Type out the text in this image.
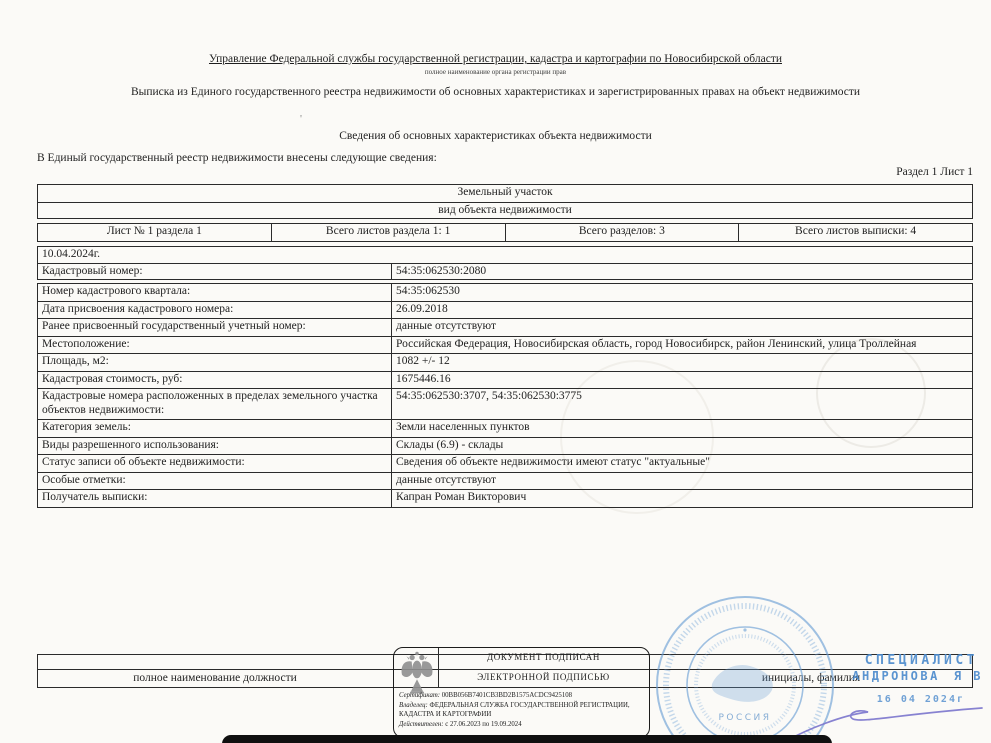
Управление Федеральной службы государственной регистрации, кадастра и картографии по Новосибирской области
полное наименование органа регистрации прав
Выписка из Единого государственного реестра недвижимости об основных характеристиках и зарегистрированных правах на объект недвижимости
'
Сведения об основных характеристиках объекта недвижимости
В Единый государственный реестр недвижимости внесены следующие сведения:
Раздел 1 Лист 1
Земельный участок
вид объекта недвижимости
Лист № 1 раздела 1	Всего листов раздела 1: 1	Всего разделов: 3	Всего листов выписки: 4
10.04.2024г.
Кадастровый номер:	54:35:062530:2080
Номер кадастрового квартала:	54:35:062530
Дата присвоения кадастрового номера:	26.09.2018
Ранее присвоенный государственный учетный номер:	данные отсутствуют
Местоположение:	Российская Федерация, Новосибирская область, город Новосибирск, район Ленинский, улица Троллейная
Площадь, м2:	1082 +/- 12
Кадастровая стоимость, руб:	1675446.16
Кадастровые номера расположенных в пределах земельного участка объектов недвижимости:
54:35:062530:3707, 54:35:062530:3775
Категория земель:	Земли населенных пунктов
Виды разрешенного использования:	Склады (6.9) - склады
Статус записи об объекте недвижимости:	Сведения об объекте недвижимости имеют статус "актуальные"
Особые отметки:	данные отсутствуют
Получатель выписки:	Капран Роман Викторович
полное наименование должности	инициалы, фамилия
РОССИЯ
ДОКУМЕНТ ПОДПИСАН
ЭЛЕКТРОННОЙ ПОДПИСЬЮ
Сертификат: 00BB056B7401CB3BD2B1575ACDC9425108
Владелец: ФЕДЕРАЛЬНАЯ СЛУЖБА ГОСУДАРСТВЕННОЙ РЕГИСТРАЦИИ, КАДАСТРА И КАРТОГРАФИИ
Действителен: с 27.06.2023 по 19.09.2024
СПЕЦИАЛИСТ
АНДРОНОВА Я В
16 04 2024г
